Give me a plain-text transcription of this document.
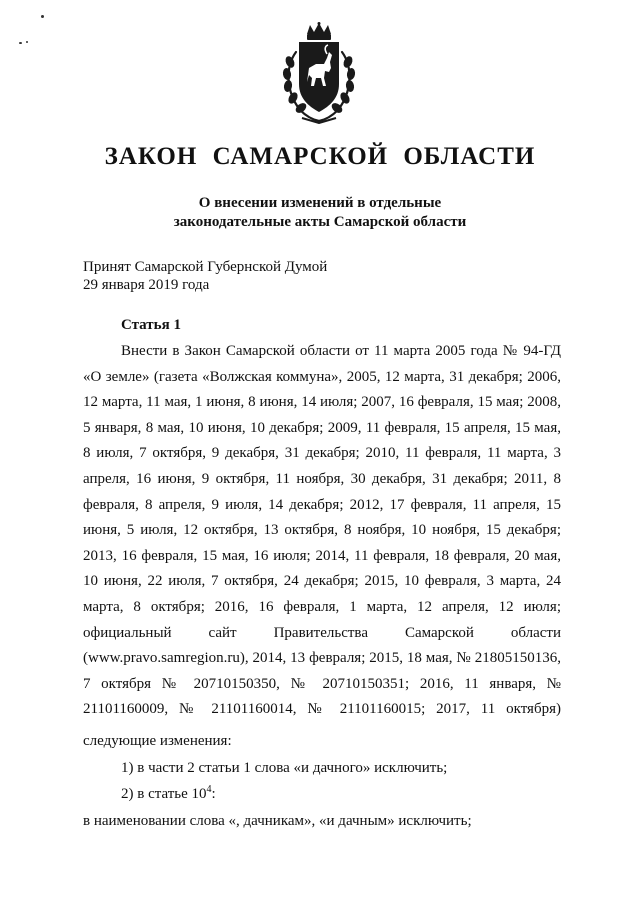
ЗАКОН САМАРСКОЙ ОБЛАСТИ
О внесении изменений в отдельные
законодательные акты Самарской области
Принят Самарской Губернской Думой
29 января 2019 года
Статья 1
Внести в Закон Самарской области от 11 марта 2005 года № 94-ГД «О земле» (газета «Волжская коммуна», 2005, 12 марта, 31 декабря; 2006, 12 марта, 11 мая, 1 июня, 8 июня, 14 июля; 2007, 16 февраля, 15 мая; 2008, 5 января, 8 мая, 10 июня, 10 декабря; 2009, 11 февраля, 15 апреля, 15 мая, 8 июля, 7 октября, 9 декабря, 31 декабря; 2010, 11 февраля, 11 марта, 3 апреля, 16 июня, 9 октября, 11 ноября, 30 декабря, 31 декабря; 2011, 8 февраля, 8 апреля, 9 июля, 14 декабря; 2012, 17 февраля, 11 апреля, 15 июня, 5 июля, 12 октября, 13 октября, 8 ноября, 10 ноября, 15 декабря; 2013, 16 февраля, 15 мая, 16 июля; 2014, 11 февраля, 18 февраля, 20 мая, 10 июня, 22 июля, 7 октября, 24 декабря; 2015, 10 февраля, 3 марта, 24 марта, 8 октября; 2016, 16 февраля, 1 марта, 12 апреля, 12 июля; официальный сайт Правительства Самарской области (www.pravo.samregion.ru), 2014, 13 февраля; 2015, 18 мая, № 21805150136, 7 октября № 20710150350, № 20710150351; 2016, 11 января, № 21101160009, № 21101160014, № 21101160015; 2017, 11 октября)
следующие изменения:
1) в части 2 статьи 1 слова «и дачного» исключить;
2) в статье $10^4$:
в наименовании слова «, дачникам», «и дачным» исключить;
